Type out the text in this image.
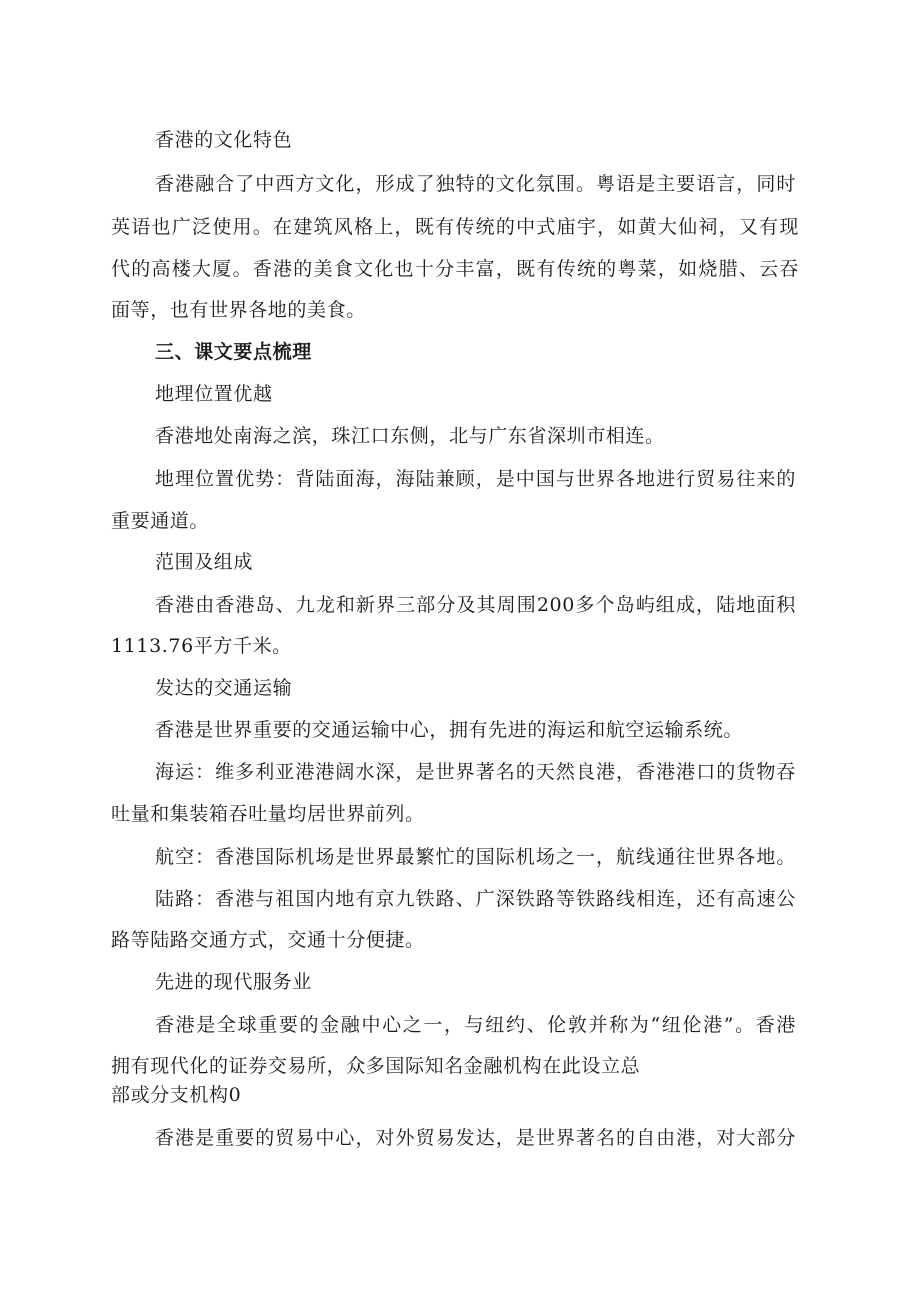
香港的文化特色
香港融合了中西方文化，形成了独特的文化氛围。粤语是主要语言，同时
英语也广泛使用。在建筑风格上，既有传统的中式庙宇，如黄大仙祠，又有现
代的高楼大厦。香港的美食文化也十分丰富，既有传统的粤菜，如烧腊、云吞
面等，也有世界各地的美食。
三、课文要点梳理
地理位置优越
香港地处南海之滨，珠江口东侧，北与广东省深圳市相连。
地理位置优势：背陆面海，海陆兼顾，是中国与世界各地进行贸易往来的
重要通道。
范围及组成
香港由香港岛、九龙和新界三部分及其周围200多个岛屿组成，陆地面积
1113.76平方千米。
发达的交通运输
香港是世界重要的交通运输中心，拥有先进的海运和航空运输系统。
海运：维多利亚港港阔水深，是世界著名的天然良港，香港港口的货物吞
吐量和集装箱吞吐量均居世界前列。
航空：香港国际机场是世界最繁忙的国际机场之一，航线通往世界各地。
陆路：香港与祖国内地有京九铁路、广深铁路等铁路线相连，还有高速公
路等陆路交通方式，交通十分便捷。
先进的现代服务业
香港是全球重要的金融中心之一，与纽约、伦敦并称为“纽伦港”。香港
拥有现代化的证券交易所，众多国际知名金融机构在此设立总
部或分支机构0
香港是重要的贸易中心，对外贸易发达，是世界著名的自由港，对大部分
